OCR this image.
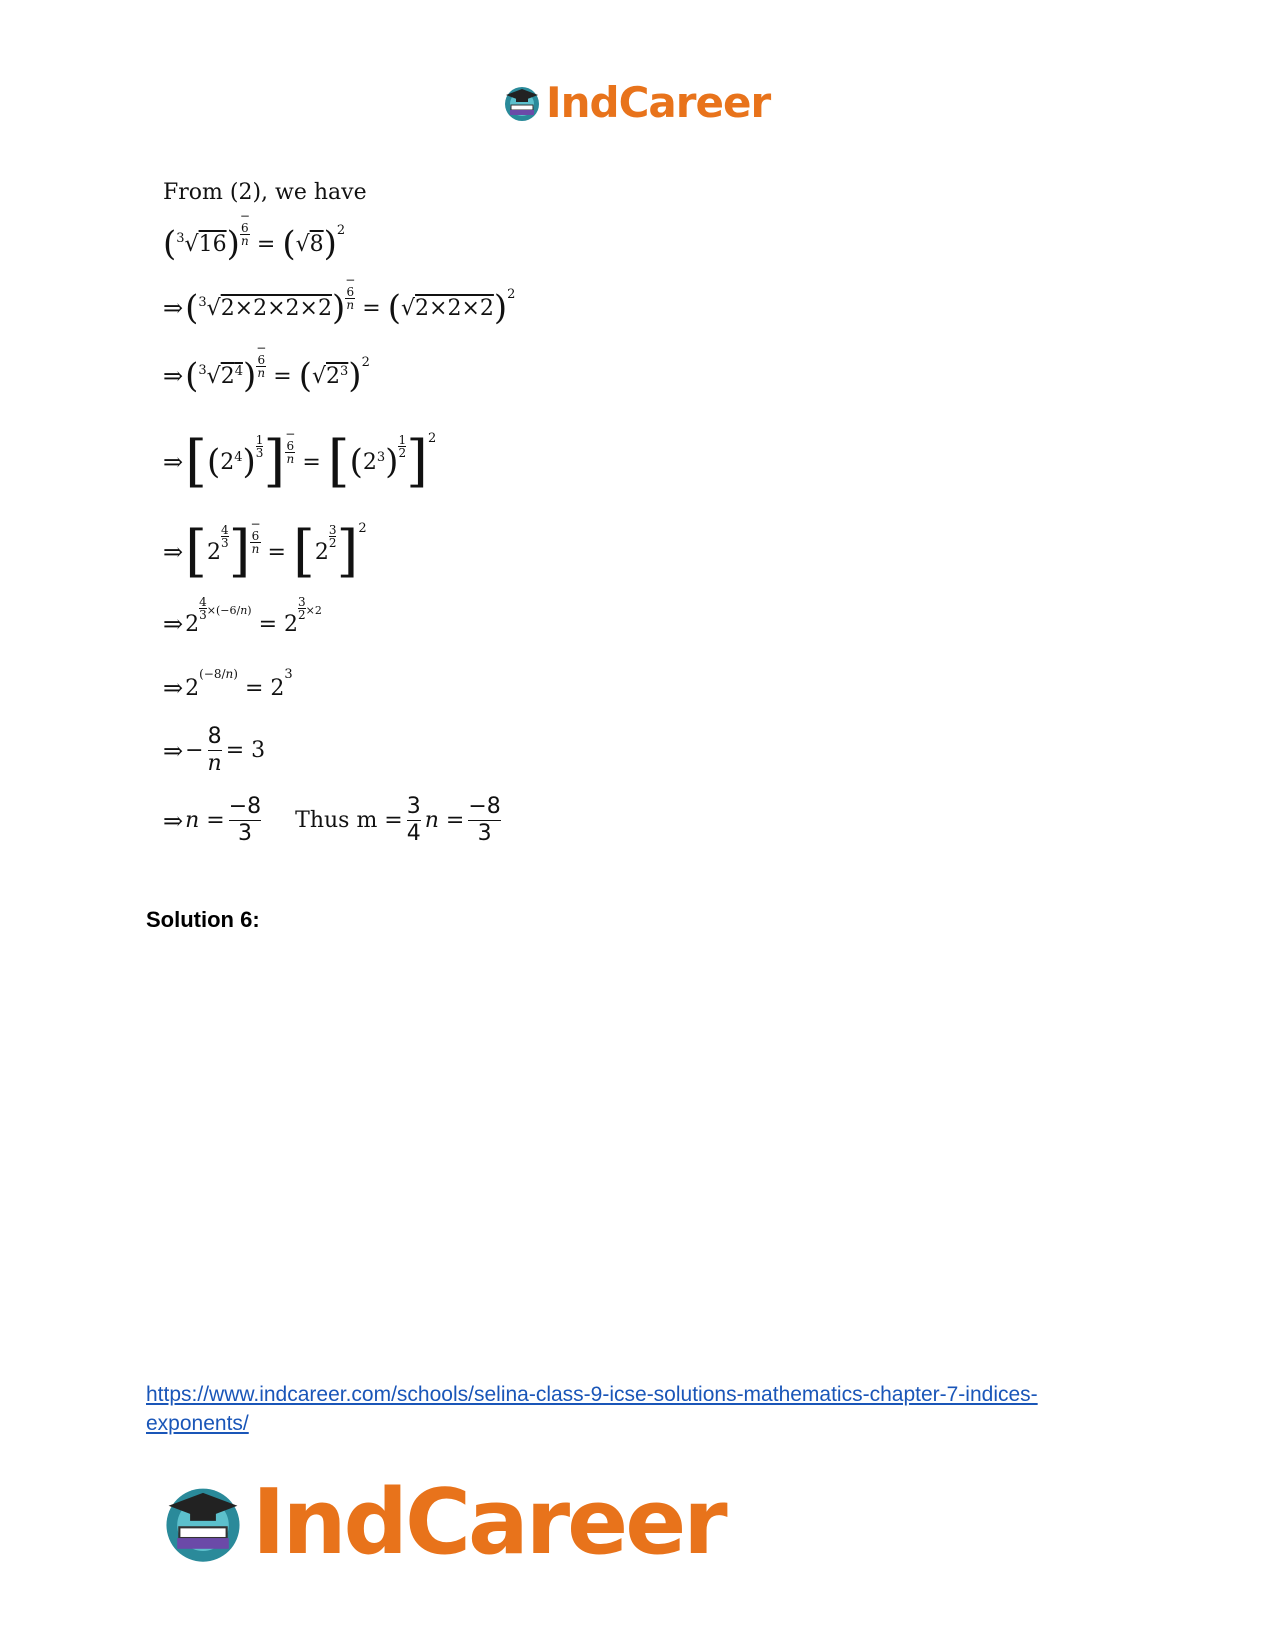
IndCareer
From (2), we have
( 3 √ 16 )
−
6
n = ( √ 8 ) 2
⇒ ( 3 √ 2×2×2×2 )
−
6
n = ( √ 2×2×2 ) 2
⇒ ( 3 √ $2^4$ )
−
6
n = ( √ $2^3$ ) 2
⇒ [ ( $2^4$ )
1
3 ] −
6
n = [ ( $2^3$ )
1
2 ] 2
⇒ [ 2
4
3 ] −
6
n = [ 2
3
2 ] 2
⇒ 2
4
3 ×(−6/n)
= 2
3
2 ×2
⇒ 2
(−8/n)
= 2
3
⇒ − $\frac{8}{n} = 3$
⇒ $n = \frac{-8}{3}$ Thus $m = \frac{3}{4}$ $n = \frac{-8}{3}$
Solution 6:
https://www.indcareer.com/schools/selina-class-9-icse-solutions-mathematics-chapter-7-indices-exponents/
IndCareer
